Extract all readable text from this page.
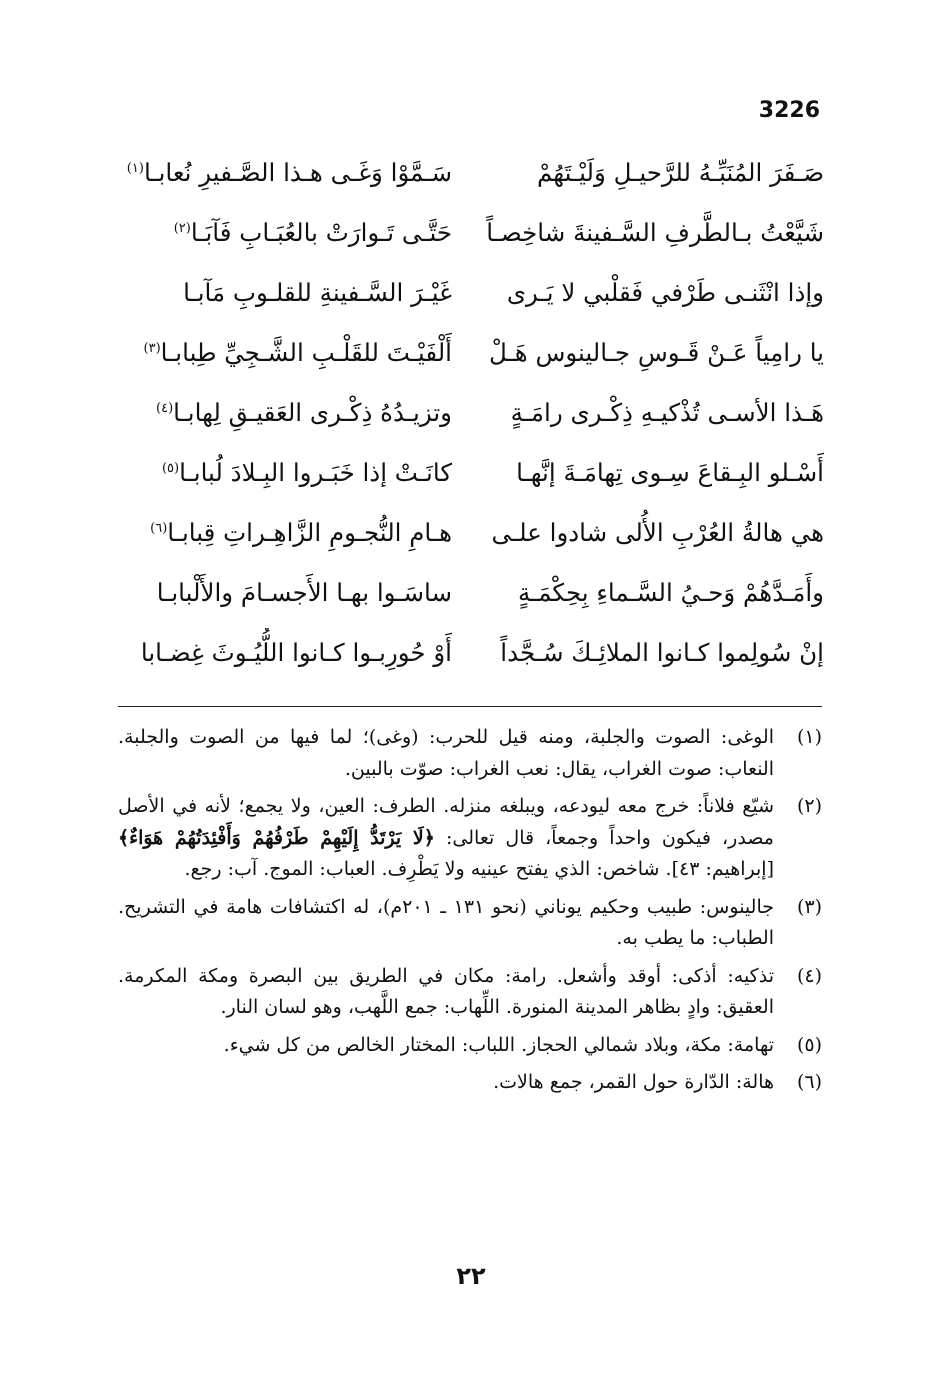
3226
صَـفَرَ المُنَبِّـهُ للرَّحيـلِ وَلَيْـتَهُمْ
سَـمَّوْا وَغَـى هـذا الصَّـفيرِ نُعابـا$^{(١)}$
شَيَّعْتُ بـالطَّرفِ السَّـفينةَ شاخِصـاً
حَتَّـى تَـوارَتْ بالعُبَـابِ فَآبَـا$^{(٢)}$
وإذا انْثَنـى طَرْفي فَقلْبي لا يَـرى
غَيْـرَ السَّـفينةِ للقلـوبِ مَآبـا
يا رامِياً عَـنْ قَـوسِ جـالينوس هَـلْ
أَلْفَيْـتَ للقَلْـبِ الشَّـجِيِّ طِبابـا$^{(٣)}$
هَـذا الأسـى تُذْكيـهِ ذِكْـرى رامَـةٍ
وتزيـدُهُ ذِكْـرى العَقيـقِ لِهابـا$^{(٤)}$
أَسْـلو البِـقاعَ سِـوى تِهامَـةَ إنَّهـا
كانَـتْ إذا خَبَـروا البِـلادَ لُبابـا$^{(٥)}$
هي هالةُ العُرْبِ الأُلى شادوا علـى
هـامِ النُّجـومِ الزَّاهِـراتِ قِبابـا$^{(٦)}$
وأَمَـدَّهُمْ وَحـيُ السَّـماءِ بِحِكْمَـةٍ
ساسَـوا بهـا الأَجسـامَ والأَلْبابـا
إنْ سُولِموا كـانوا الملائِـكَ سُـجَّداً
أَوْ حُورِبـوا كـانوا اللُّيُـوثَ غِضـابا
(١)
الوغى: الصوت والجلبة، ومنه قيل للحرب: (وغى)؛ لما فيها من الصوت والجلبة. النعاب: صوت الغراب، يقال: نعب الغراب: صوّت بالبين.
(٢)
شيّع فلاناً: خرج معه ليودعه، ويبلغه منزله. الطرف: العين، ولا يجمع؛ لأنه في الأصل مصدر، فيكون واحداً وجمعاً، قال تعالى: ﴿لَا يَرْتَدُّ إِلَيْهِمْ طَرْفُهُمْ وَأَفْئِدَتُهُمْ هَوَاءٌ﴾[إبراهيم: ٤٣]. شاخص: الذي يفتح عينيه ولا يَطْرِف. العباب: الموج. آب: رجع.
(٣)
جالينوس: طبيب وحكيم يوناني (نحو ١٣١ ـ ٢٠١م)، له اكتشافات هامة في التشريح. الطباب: ما يطب به.
(٤)
تذكيه: أذكى: أوقد وأشعل. رامة: مكان في الطريق بين البصرة ومكة المكرمة. العقيق: وادٍ بظاهر المدينة المنورة. اللِّهاب: جمع اللَّهب، وهو لسان النار.
(٥)
تهامة: مكة، وبلاد شمالي الحجاز. اللباب: المختار الخالص من كل شيء.
(٦)
هالة: الدّارة حول القمر، جمع هالات.
٢٢
